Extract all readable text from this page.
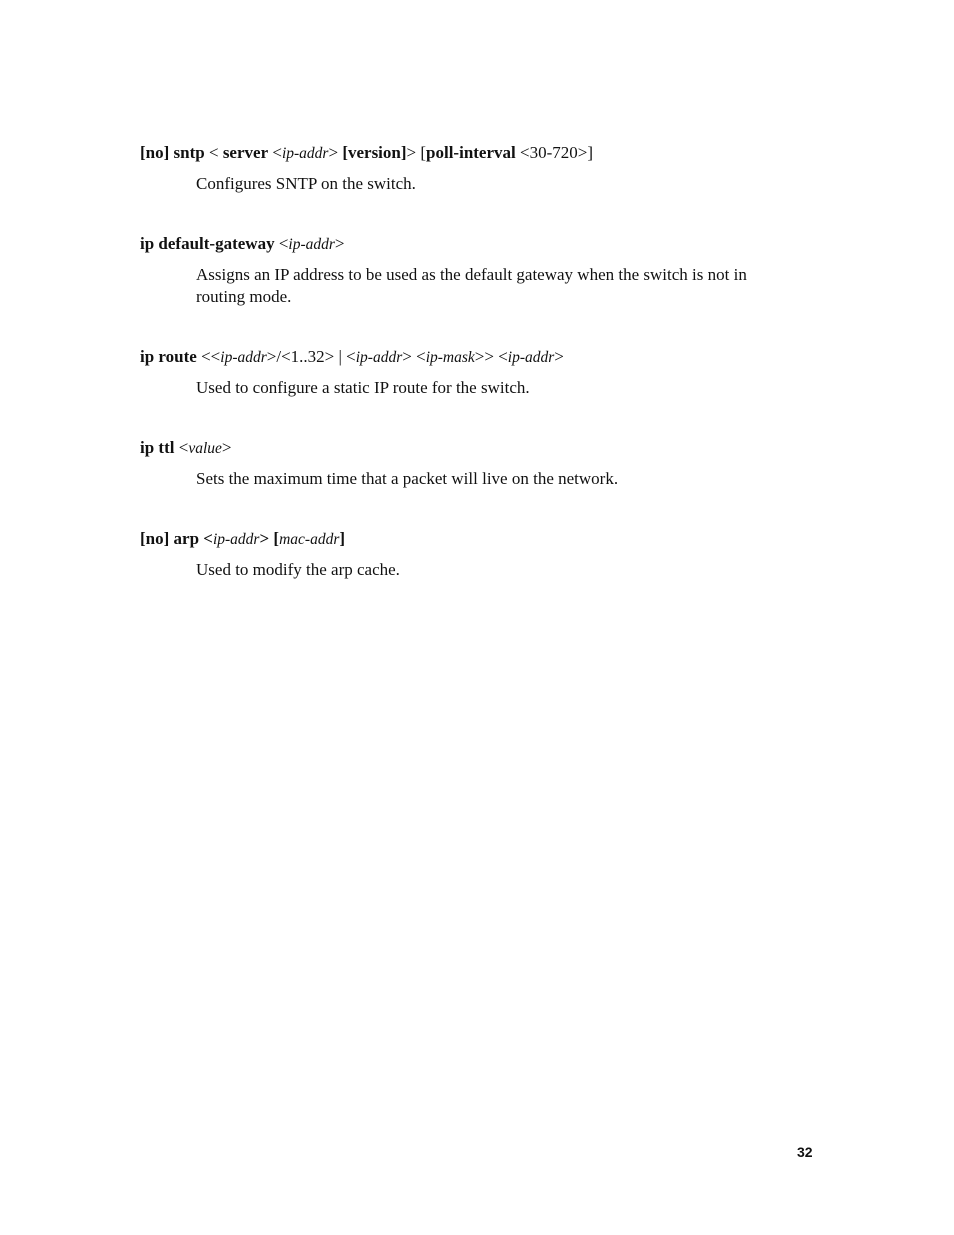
[no] sntp < server <ip-addr> [version]> [poll-interval <30-720>]
Configures SNTP on the switch.
ip default-gateway <ip-addr>
Assigns an IP address to be used as the default gateway when the switch is not in routing mode.
ip route <<ip-addr>/<1..32> | <ip-addr> <ip-mask>> <ip-addr>
Used to configure a static IP route for the switch.
ip ttl <value>
Sets the maximum time that a packet will live on the network.
[no] arp <ip-addr> [mac-addr]
Used to modify the arp cache.
32
